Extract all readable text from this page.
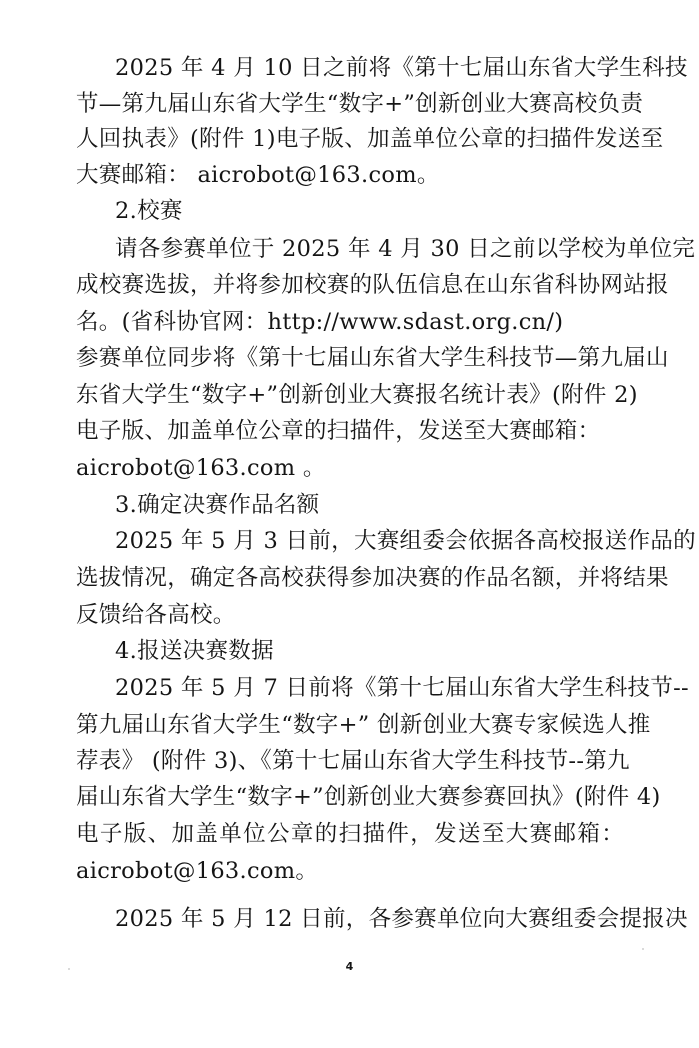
2025 年 4 月 10 日之前将《第十七届山东省大学生科技
节—第九届山东省大学生“数字+”创新创业大赛高校负责
人回执表》(附件 1)电子版、加盖单位公章的扫描件发送至
大赛邮箱： aicrobot@163.com。
2.校赛
请各参赛单位于 2025 年 4 月 30 日之前以学校为单位完
成校赛选拔，并将参加校赛的队伍信息在山东省科协网站报
名。(省科协官网：http://www.sdast.org.cn/)
参赛单位同步将《第十七届山东省大学生科技节—第九届山
东省大学生“数字+”创新创业大赛报名统计表》(附件 2)
电子版、加盖单位公章的扫描件，发送至大赛邮箱：
aicrobot@163.com 。
3.确定决赛作品名额
2025 年 5 月 3 日前，大赛组委会依据各高校报送作品的
选拔情况，确定各高校获得参加决赛的作品名额，并将结果
反馈给各高校。
4.报送决赛数据
2025 年 5 月 7 日前将《第十七届山东省大学生科技节--
第九届山东省大学生“数字+” 创新创业大赛专家候选人推
荐表》 (附件 3)、《第十七届山东省大学生科技节--第九
届山东省大学生“数字+”创新创业大赛参赛回执》(附件 4)
电子版、加盖单位公章的扫描件，发送至大赛邮箱：
aicrobot@163.com。
2025 年 5 月 12 日前，各参赛单位向大赛组委会提报决
4
